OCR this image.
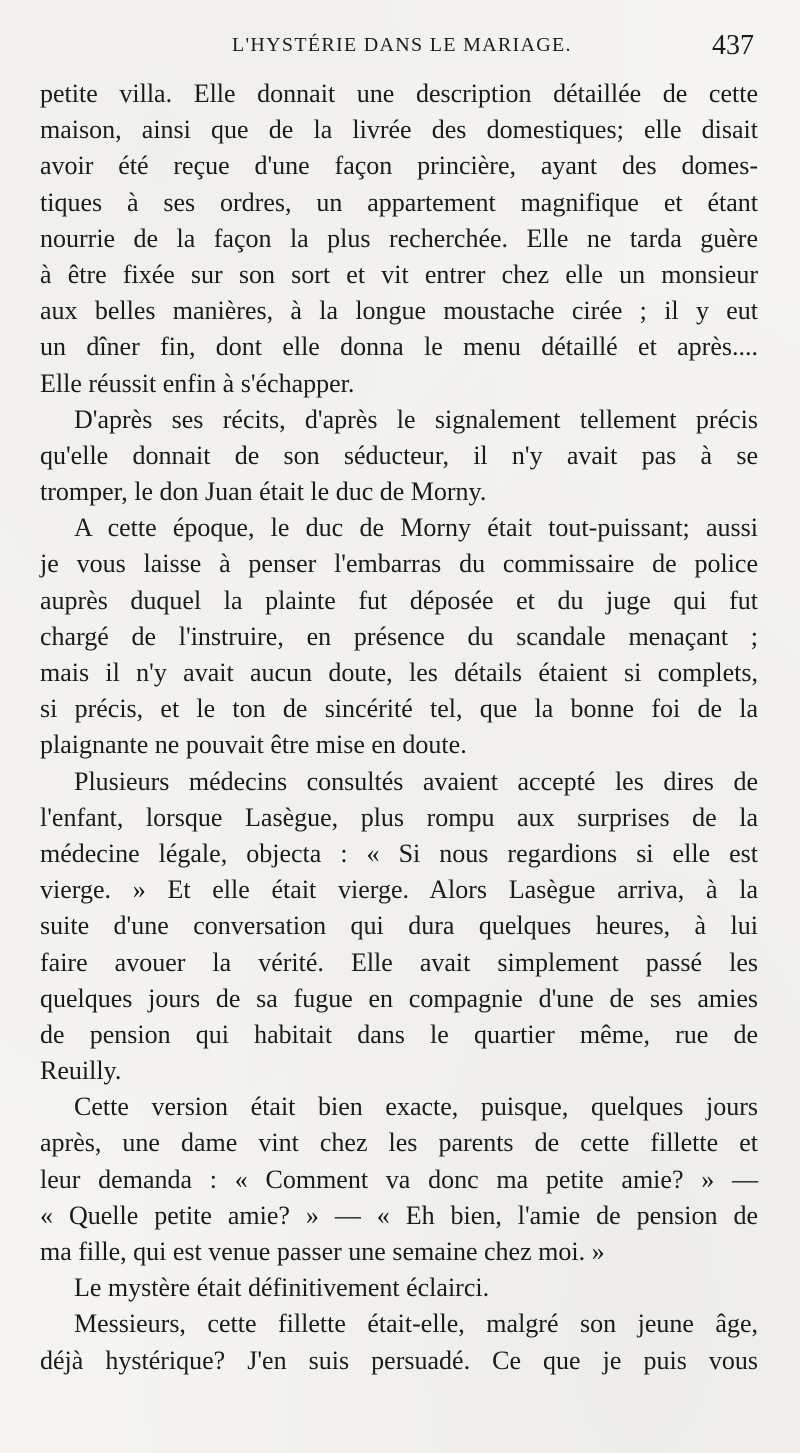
L'HYSTÉRIE DANS LE MARIAGE.	437
petite villa. Elle donnait une description détaillée de cette
maison, ainsi que de la livrée des domestiques; elle disait
avoir été reçue d'une façon princière, ayant des domes-
tiques à ses ordres, un appartement magnifique et étant
nourrie de la façon la plus recherchée. Elle ne tarda guère
à être fixée sur son sort et vit entrer chez elle un monsieur
aux belles manières, à la longue moustache cirée ; il y eut
un dîner fin, dont elle donna le menu détaillé et après....
Elle réussit enfin à s'échapper.
D'après ses récits, d'après le signalement tellement précis
qu'elle donnait de son séducteur, il n'y avait pas à se
tromper, le don Juan était le duc de Morny.
A cette époque, le duc de Morny était tout-puissant; aussi
je vous laisse à penser l'embarras du commissaire de police
auprès duquel la plainte fut déposée et du juge qui fut
chargé de l'instruire, en présence du scandale menaçant ;
mais il n'y avait aucun doute, les détails étaient si complets,
si précis, et le ton de sincérité tel, que la bonne foi de la
plaignante ne pouvait être mise en doute.
Plusieurs médecins consultés avaient accepté les dires de
l'enfant, lorsque Lasègue, plus rompu aux surprises de la
médecine légale, objecta : « Si nous regardions si elle est
vierge. » Et elle était vierge. Alors Lasègue arriva, à la
suite d'une conversation qui dura quelques heures, à lui
faire avouer la vérité. Elle avait simplement passé les
quelques jours de sa fugue en compagnie d'une de ses amies
de pension qui habitait dans le quartier même, rue de
Reuilly.
Cette version était bien exacte, puisque, quelques jours
après, une dame vint chez les parents de cette fillette et
leur demanda : « Comment va donc ma petite amie? » —
« Quelle petite amie? » — « Eh bien, l'amie de pension de
ma fille, qui est venue passer une semaine chez moi. »
Le mystère était définitivement éclairci.
Messieurs, cette fillette était-elle, malgré son jeune âge,
déjà hystérique? J'en suis persuadé. Ce que je puis vous
